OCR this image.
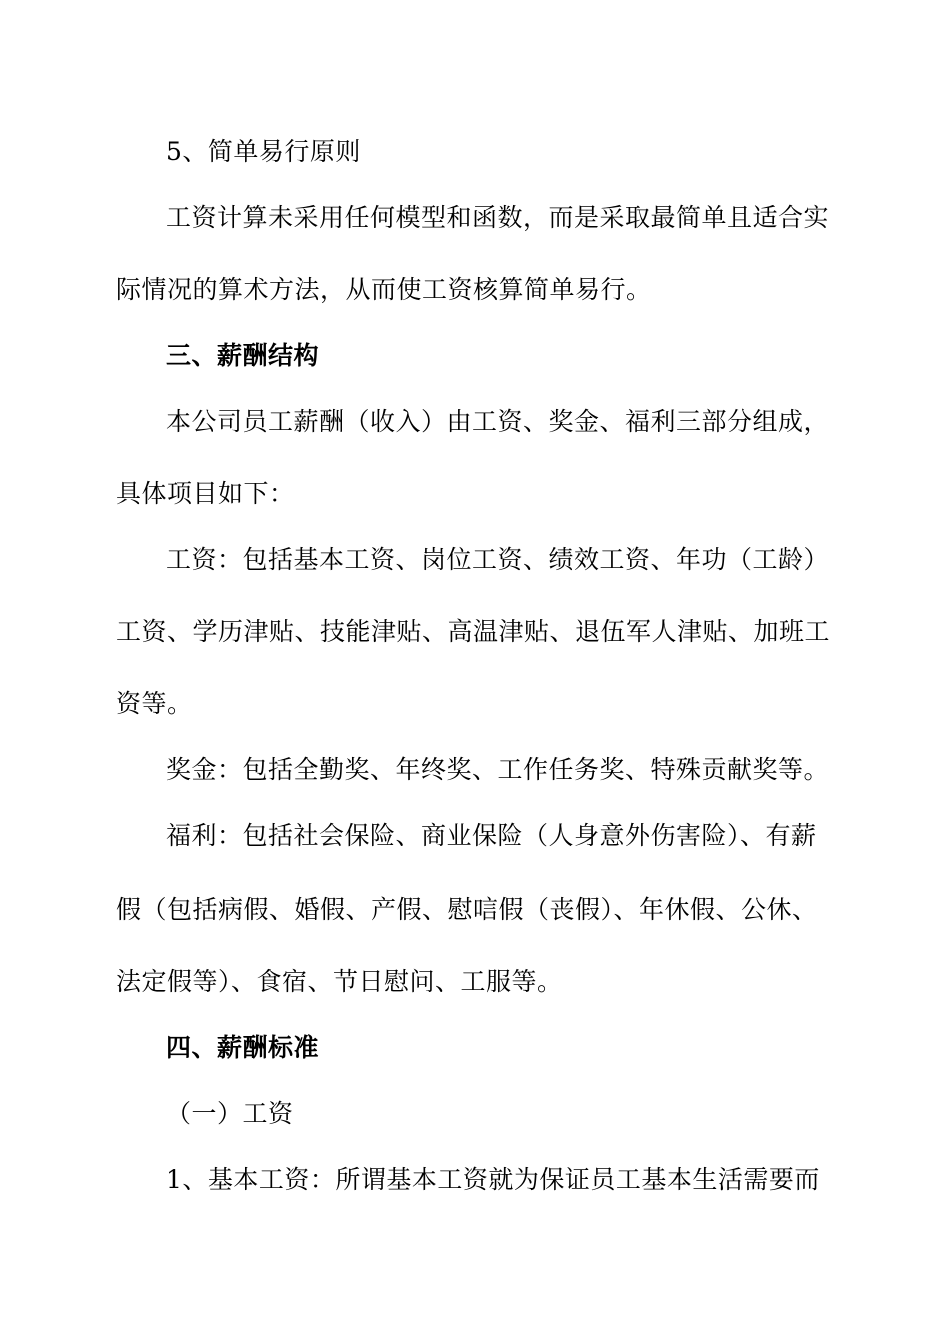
5、简单易行原则
工资计算未采用任何模型和函数，而是采取最简单且适合实
际情况的算术方法，从而使工资核算简单易行。
三、薪酬结构
本公司员工薪酬（收入）由工资、奖金、福利三部分组成，
具体项目如下：
工资：包括基本工资、岗位工资、绩效工资、年功（工龄）
工资、学历津贴、技能津贴、高温津贴、退伍军人津贴、加班工
资等。
奖金：包括全勤奖、年终奖、工作任务奖、特殊贡献奖等。
福利：包括社会保险、商业保险（人身意外伤害险）、有薪
假（包括病假、婚假、产假、慰唁假（丧假）、年休假、公休、
法定假等）、食宿、节日慰问、工服等。
四、薪酬标准
（一）工资
1、基本工资：所谓基本工资就为保证员工基本生活需要而
